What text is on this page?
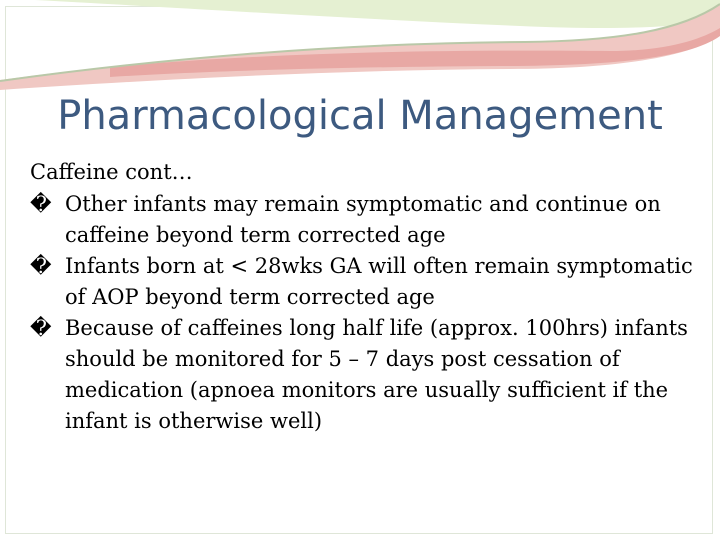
Pharmacological Management

Caffeine cont…

� Other infants may remain symptomatic and continue on caffeine beyond term corrected age

� Infants born at < 28wks GA will often remain symptomatic of AOP beyond term corrected age

� Because of caffeines long half life (approx. 100hrs) infants should be monitored for 5 – 7 days post cessation of medication (apnoea monitors are usually sufficient if the infant is otherwise well)
